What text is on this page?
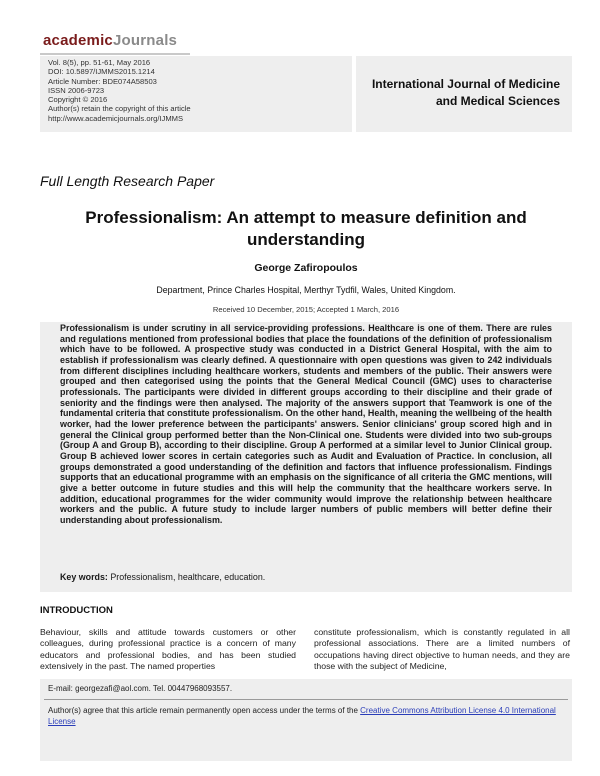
academicJournals
Vol. 8(5), pp. 51-61, May 2016
DOI: 10.5897/IJMMS2015.1214
Article Number: BDE074A58503
ISSN 2006-9723
Copyright © 2016
Author(s) retain the copyright of this article
http://www.academicjournals.org/IJMMS
International Journal of Medicine
and Medical Sciences
Full Length Research Paper
Professionalism: An attempt to measure definition and understanding
George Zafiropoulos
Department, Prince Charles Hospital, Merthyr Tydfil, Wales, United Kingdom.
Received 10 December, 2015; Accepted 1 March, 2016

Professionalism is under scrutiny in all service-providing professions. Healthcare is one of them. There are rules and regulations mentioned from professional bodies that place the foundations of the definition of professionalism which have to be followed. A prospective study was conducted in a District General Hospital, with the aim to establish if professionalism was clearly defined. A questionnaire with open questions was given to 242 individuals from different disciplines including healthcare workers, students and members of the public. Their answers were grouped and then categorised using the points that the General Medical Council (GMC) uses to characterise professionals. The participants were divided in different groups according to their discipline and their grade of seniority and the findings were then analysed. The majority of the answers support that Teamwork is one of the fundamental criteria that constitute professionalism. On the other hand, Health, meaning the wellbeing of the health worker, had the lower preference between the participants' answers. Senior clinicians' group scored high and in general the Clinical group performed better than the Non-Clinical one. Students were divided into two sub-groups (Group A and Group B), according to their discipline. Group A performed at a similar level to Junior Clinical group. Group B achieved lower scores in certain categories such as Audit and Evaluation of Practice. In conclusion, all groups demonstrated a good understanding of the definition and factors that influence professionalism. Findings supports that an educational programme with an emphasis on the significance of all criteria the GMC mentions, will give a better outcome in future studies and this will help the community that the healthcare workers serve. In addition, educational programmes for the wider community would improve the relationship between healthcare workers and the public. A future study to include larger numbers of public members will better define their understanding about professionalism.

Key words: Professionalism, healthcare, education.
INTRODUCTION
Behaviour, skills and attitude towards customers or other colleagues, during professional practice is a concern of many educators and professional bodies, and has been studied extensively in the past. The named properties
constitute professionalism, which is constantly regulated in all professional associations. There are a limited numbers of occupations having direct objective to human needs, and they are those with the subject of Medicine,
E-mail: georgezafi@aol.com. Tel. 00447968093557.
Author(s) agree that this article remain permanently open access under the terms of the Creative Commons Attribution License 4.0 International License
